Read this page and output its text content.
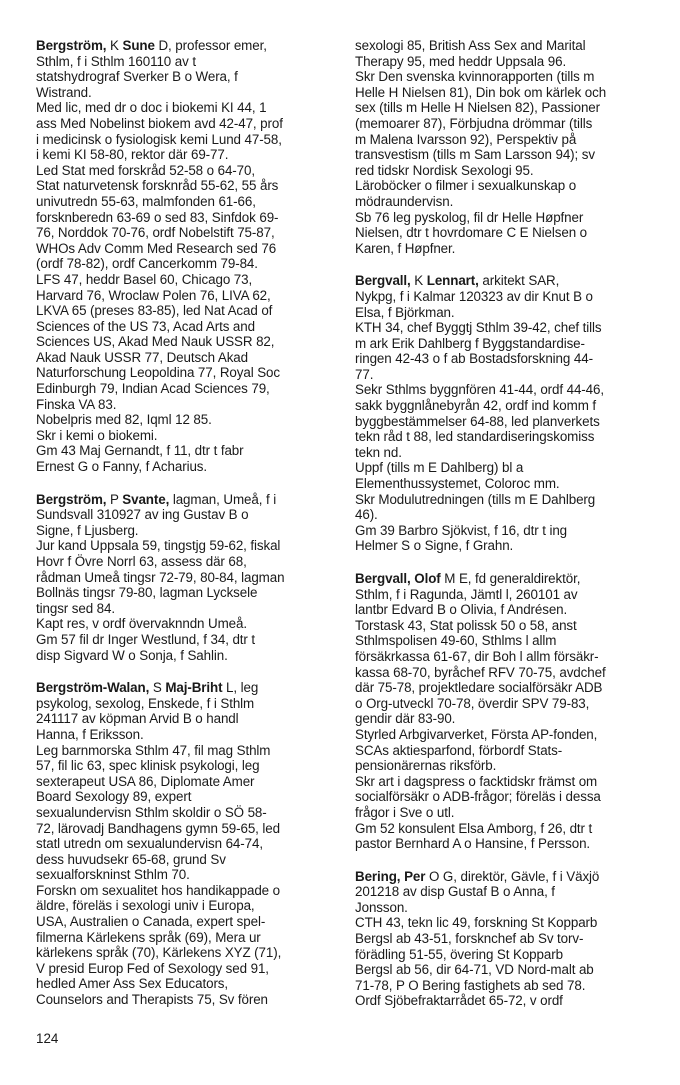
Bergström, K Sune D, professor emer,
Sthlm, f i Sthlm 160110 av t
statshydrograf Sverker B o Wera, f
Wistrand.
Med lic, med dr o doc i biokemi KI 44, 1
ass Med Nobelinst biokem avd 42-47, prof
i medicinsk o fysiologisk kemi Lund 47-58,
i kemi KI 58-80, rektor där 69-77.
Led Stat med forskråd 52-58 o 64-70,
Stat naturvetensk forsknråd 55-62, 55 års
univutredn 55-63, malmfonden 61-66,
forsknberedn 63-69 o sed 83, Sinfdok 69-
76, Norddok 70-76, ordf Nobelstift 75-87,
WHOs Adv Comm Med Research sed 76
(ordf 78-82), ordf Cancerkomm 79-84.
LFS 47, heddr Basel 60, Chicago 73,
Harvard 76, Wroclaw Polen 76, LIVA 62,
LKVA 65 (preses 83-85), led Nat Acad of
Sciences of the US 73, Acad Arts and
Sciences US, Akad Med Nauk USSR 82,
Akad Nauk USSR 77, Deutsch Akad
Naturforschung Leopoldina 77, Royal Soc
Edinburgh 79, Indian Acad Sciences 79,
Finska VA 83.
Nobelpris med 82, Iqml 12 85.
Skr i kemi o biokemi.
Gm 43 Maj Gernandt, f 11, dtr t fabr
Ernest G o Fanny, f Acharius.
Bergström, P Svante, lagman, Umeå, f i
Sundsvall 310927 av ing Gustav B o
Signe, f Ljusberg.
Jur kand Uppsala 59, tingstjg 59-62, fiskal
Hovr f Övre Norrl 63, assess där 68,
rådman Umeå tingsr 72-79, 80-84, lagman
Bollnäs tingsr 79-80, lagman Lycksele
tingsr sed 84.
Kapt res, v ordf övervaknndn Umeå.
Gm 57 fil dr Inger Westlund, f 34, dtr t
disp Sigvard W o Sonja, f Sahlin.
Bergström-Walan, S Maj-Briht L, leg
psykolog, sexolog, Enskede, f i Sthlm
241117 av köpman Arvid B o handl
Hanna, f Eriksson.
Leg barnmorska Sthlm 47, fil mag Sthlm
57, fil lic 63, spec klinisk psykologi, leg
sexterapeut USA 86, Diplomate Amer
Board Sexology 89, expert
sexualundervisn Sthlm skoldir o SÖ 58-
72, lärovadj Bandhagens gymn 59-65, led
statl utredn om sexualundervisn 64-74,
dess huvudsekr 65-68, grund Sv
sexualforskninst Sthlm 70.
Forskn om sexualitet hos handikappade o
äldre, föreläs i sexologi univ i Europa,
USA, Australien o Canada, expert spel-
filmerna Kärlekens språk (69), Mera ur
kärlekens språk (70), Kärlekens XYZ (71),
V presid Europ Fed of Sexology sed 91,
hedled Amer Ass Sex Educators,
Counselors and Therapists 75, Sv fören
sexologi 85, British Ass Sex and Marital
Therapy 95, med heddr Uppsala 96.
Skr Den svenska kvinnorapporten (tills m
Helle H Nielsen 81), Din bok om kärlek och
sex (tills m Helle H Nielsen 82), Passioner
(memoarer 87), Förbjudna drömmar (tills
m Malena Ivarsson 92), Perspektiv på
transvestism (tills m Sam Larsson 94); sv
red tidskr Nordisk Sexologi 95.
Läroböcker o filmer i sexualkunskap o
mödraundervisn.
Sb 76 leg pyskolog, fil dr Helle Høpfner
Nielsen, dtr t hovrdomare C E Nielsen o
Karen, f Høpfner.
Bergvall, K Lennart, arkitekt SAR,
Nykpg, f i Kalmar 120323 av dir Knut B o
Elsa, f Björkman.
KTH 34, chef Byggtj Sthlm 39-42, chef tills
m ark Erik Dahlberg f Byggstandardise-
ringen 42-43 o f ab Bostadsforskning 44-
77.
Sekr Sthlms byggnfören 41-44, ordf 44-46,
sakk byggnlånebyrån 42, ordf ind komm f
byggbestämmelser 64-88, led planverkets
tekn råd t 88, led standardiseringskomiss
tekn nd.
Uppf (tills m E Dahlberg) bl a
Elementhussystemet, Coloroc mm.
Skr Modulutredningen (tills m E Dahlberg
46).
Gm 39 Barbro Sjökvist, f 16, dtr t ing
Helmer S o Signe, f Grahn.
Bergvall, Olof M E, fd generaldirektör,
Sthlm, f i Ragunda, Jämtl l, 260101 av
lantbr Edvard B o Olivia, f Andrésen.
Torstask 43, Stat polissk 50 o 58, anst
Sthlmspolisen 49-60, Sthlms l allm
försäkrkassa 61-67, dir Boh l allm försäkr-
kassa 68-70, byråchef RFV 70-75, avdchef
där 75-78, projektledare socialförsäkr ADB
o Org-utveckl 70-78, överdir SPV 79-83,
gendir där 83-90.
Styrled Arbgivarverket, Första AP-fonden,
SCAs aktiesparfond, förbordf Stats-
pensionärernas riksförb.
Skr art i dagspress o facktidskr främst om
socialförsäkr o ADB-frågor; föreläs i dessa
frågor i Sve o utl.
Gm 52 konsulent Elsa Amborg, f 26, dtr t
pastor Bernhard A o Hansine, f Persson.
Bering, Per O G, direktör, Gävle, f i Växjö
201218 av disp Gustaf B o Anna, f
Jonsson.
CTH 43, tekn lic 49, forskning St Kopparb
Bergsl ab 43-51, forsknchef ab Sv torv-
förädling 51-55, övering St Kopparb
Bergsl ab 56, dir 64-71, VD Nord-malt ab
71-78, P O Bering fastighets ab sed 78.
Ordf Sjöbefraktarrådet 65-72, v ordf
124
